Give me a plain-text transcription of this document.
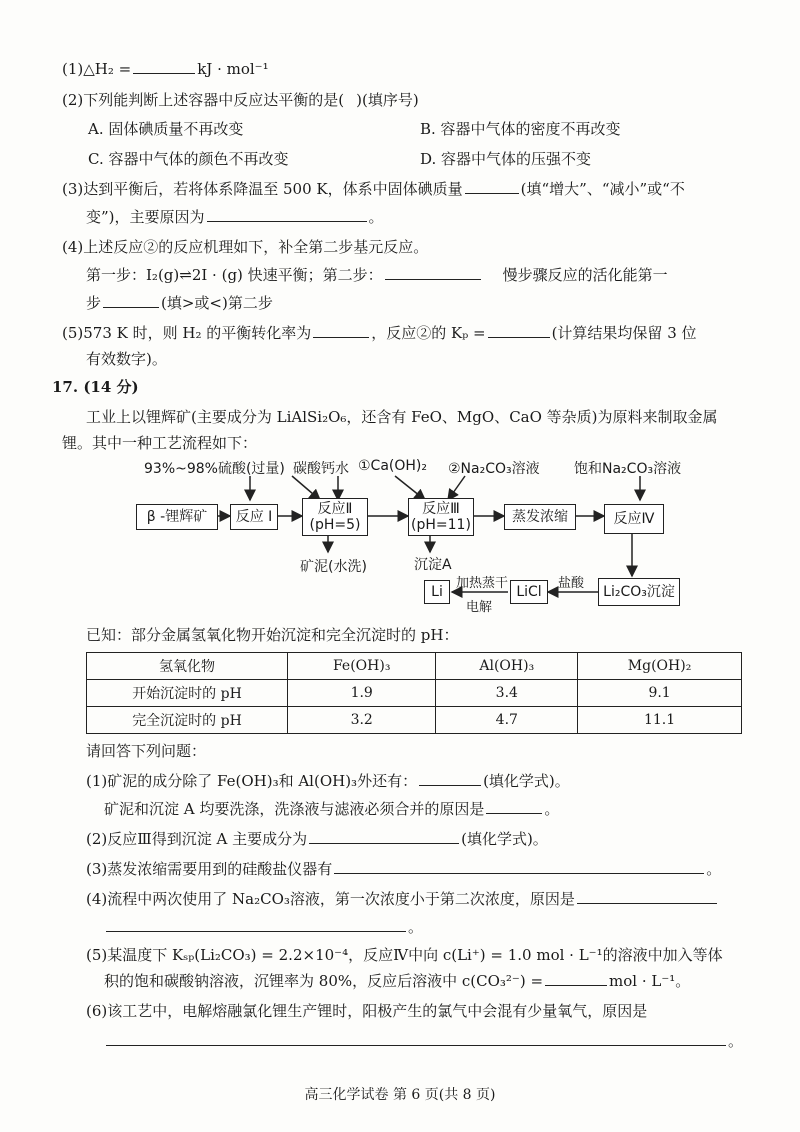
(1)△H₂ =	kJ · mol⁻¹
(2)下列能判断上述容器中反应达平衡的是( )(填序号)
A. 固体碘质量不再改变	B. 容器中气体的密度不再改变
C. 容器中气体的颜色不再改变	D. 容器中气体的压强不变
(3)达到平衡后，若将体系降温至 500 K，体系中固体碘质量	(填“增大”、“减小”或“不
变”)，主要原因为	。
(4)上述反应②的反应机理如下，补全第二步基元反应。
第一步：I₂(g)⇌2I · (g) 快速平衡；第二步：	慢步骤反应的活化能第一
步	(填>或<)第二步
(5)573 K 时，则 H₂ 的平衡转化率为	，反应②的 Kₚ =	(计算结果均保留 3 位
有效数字)。
17. (14 分)
工业上以锂辉矿(主要成分为 LiAlSi₂O₆，还含有 FeO、MgO、CaO 等杂质)为原料来制取金属
锂。其中一种工艺流程如下：
93%~98%硫酸(过量) 碳酸钙 水 ①Ca(OH)₂ ②Na₂CO₃溶液 饱和Na₂CO₃溶液
β -锂辉矿 反应 I	反应Ⅱ
(pH=5)
反应Ⅲ
(pH=11)	蒸发浓缩	反应Ⅳ
矿泥(水洗)	沉淀A
加热蒸干
电解
盐酸
Li	LiCl	Li₂CO₃沉淀
已知：部分金属氢氧化物开始沉淀和完全沉淀时的 pH：
氢氧化物	Fe(OH)₃	Al(OH)₃	Mg(OH)₂
开始沉淀时的 pH	1.9	3.4	9.1
完全沉淀时的 pH	3.2	4.7	11.1
请回答下列问题：
(1)矿泥的成分除了 Fe(OH)₃和 Al(OH)₃外还有：	(填化学式)。
矿泥和沉淀 A 均要洗涤，洗涤液与滤液必须合并的原因是	。
(2)反应Ⅲ得到沉淀 A 主要成分为	(填化学式)。
(3)蒸发浓缩需要用到的硅酸盐仪器有	。
(4)流程中两次使用了 Na₂CO₃溶液，第一次浓度小于第二次浓度，原因是
。
(5)某温度下 Kₛₚ(Li₂CO₃) = 2.2×10⁻⁴，反应Ⅳ中向 c(Li⁺) = 1.0 mol · L⁻¹的溶液中加入等体
积的饱和碳酸钠溶液，沉锂率为 80%，反应后溶液中 c(CO₃²⁻) =	mol · L⁻¹。
(6)该工艺中，电解熔融氯化锂生产锂时，阳极产生的氯气中会混有少量氧气，原因是
。
高三化学试卷 第 6 页(共 8 页)
